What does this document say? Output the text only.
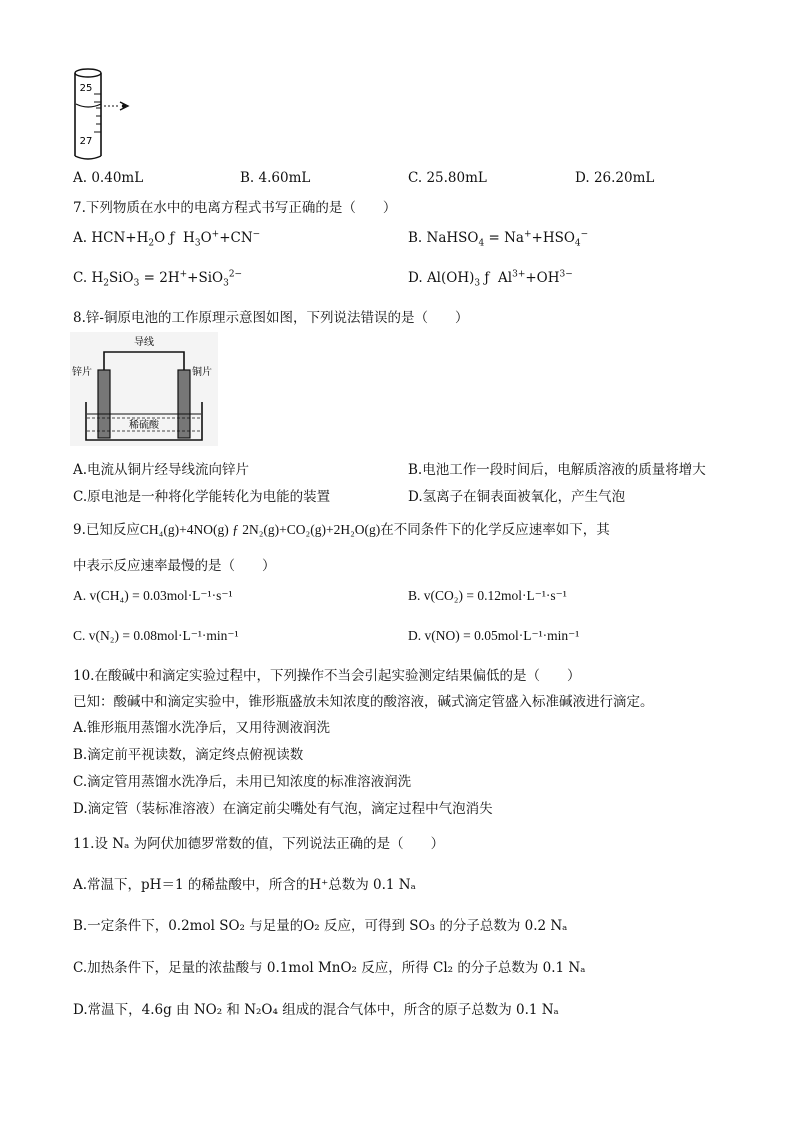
25
27
A. 0.40mL	B. 4.60mL	C. 25.80mL	D. 26.20mL
7.下列物质在水中的电离方程式书写正确的是（　　）
A. $HCN+H_2O$ ƒ $H_3O^++CN^-$	B. NaHSO$_4$ = $Na^++HSO_4^-$
C. $H_2SiO_3 = 2H^++SiO_3^{2-}$	D. $Al(OH)_3$ ƒ $Al^{3+}+OH^{3-}$
8.锌-铜原电池的工作原理示意图如图，下列说法错误的是（　　）
导线
锌片	铜片
稀硫酸
A. 电流从铜片经导线流向锌片	B. 电池工作一段时间后，电解质溶液的质量将增大
C. 原电池是一种将化学能转化为电能的装置	D. 氢离子在铜表面被氧化，产生气泡
9.已知反应CH₄(g)+4NO(g) ƒ 2N₂(g)+CO₂(g)+2H₂O(g)在不同条件下的化学反应速率如下，其
中表示反应速率最慢的是（　　）
A. v(CH₄) = 0.03mol·L⁻¹·s⁻¹	B. v(CO₂) = 0.12mol·L⁻¹·s⁻¹
C. v(N₂) = 0.08mol·L⁻¹·min⁻¹	D. v(NO) = 0.05mol·L⁻¹·min⁻¹
10.在酸碱中和滴定实验过程中，下列操作不当会引起实验测定结果偏低的是（　　）
已知：酸碱中和滴定实验中，锥形瓶盛放未知浓度的酸溶液，碱式滴定管盛入标准碱液进行滴定。
A.锥形瓶用蒸馏水洗净后，又用待测液润洗
B.滴定前平视读数，滴定终点俯视读数
C.滴定管用蒸馏水洗净后，未用已知浓度的标准溶液润洗
D.滴定管（装标准溶液）在滴定前尖嘴处有气泡，滴定过程中气泡消失
11.设 Nₐ 为阿伏加德罗常数的值，下列说法正确的是（　　）
A.常温下，pH＝1 的稀盐酸中，所含的H⁺总数为 0.1 Nₐ
B.一定条件下，0.2mol SO₂ 与足量的O₂ 反应，可得到 SO₃ 的分子总数为 0.2 Nₐ
C.加热条件下，足量的浓盐酸与 0.1mol MnO₂ 反应，所得 Cl₂ 的分子总数为 0.1 Nₐ
D.常温下，4.6g 由 NO₂ 和 N₂O₄ 组成的混合气体中，所含的原子总数为 0.1 Nₐ
